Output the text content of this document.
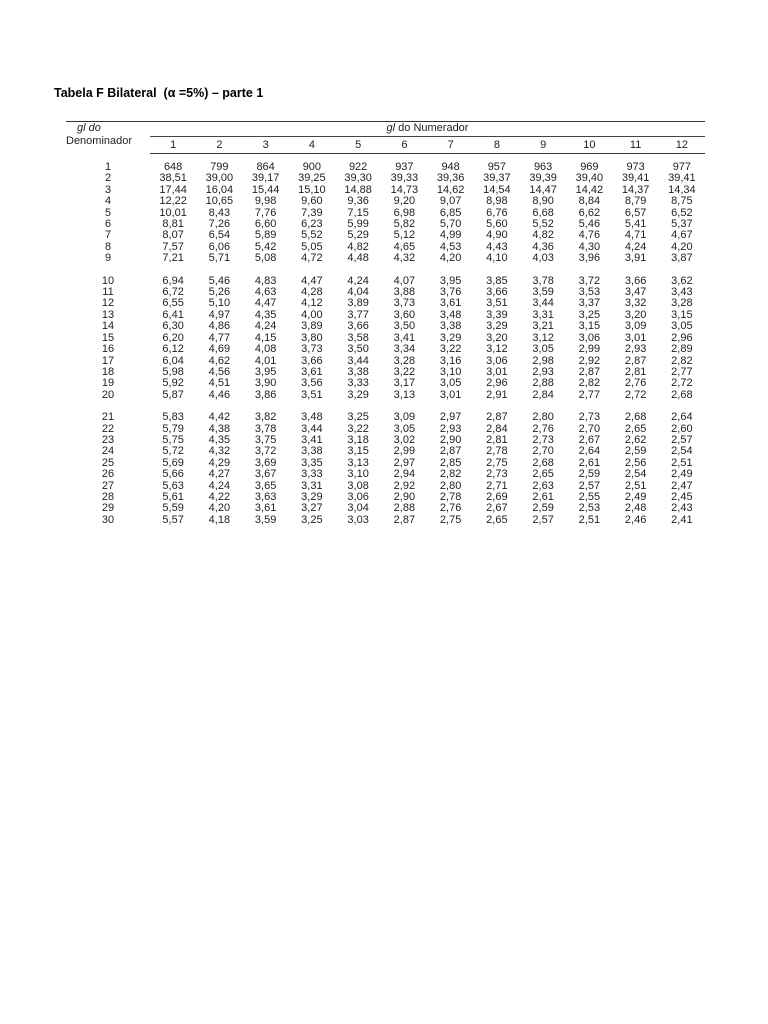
Tabela F Bilateral  (α =5%) – parte 1
gl do
Denominador	gl do Numerador											
	1	2	3	4	5	6	7	8	9	10	11	12

1	648	799	864	900	922	937	948	957	963	969	973	977
2	38,51	39,00	39,17	39,25	39,30	39,33	39,36	39,37	39,39	39,40	39,41	39,41
3	17,44	16,04	15,44	15,10	14,88	14,73	14,62	14,54	14,47	14,42	14,37	14,34
4	12,22	10,65	9,98	9,60	9,36	9,20	9,07	8,98	8,90	8,84	8,79	8,75
5	10,01	8,43	7,76	7,39	7,15	6,98	6,85	6,76	6,68	6,62	6,57	6,52
6	8,81	7,26	6,60	6,23	5,99	5,82	5,70	5,60	5,52	5,46	5,41	5,37
7	8,07	6,54	5,89	5,52	5,29	5,12	4,99	4,90	4,82	4,76	4,71	4,67
8	7,57	6,06	5,42	5,05	4,82	4,65	4,53	4,43	4,36	4,30	4,24	4,20
9	7,21	5,71	5,08	4,72	4,48	4,32	4,20	4,10	4,03	3,96	3,91	3,87

10	6,94	5,46	4,83	4,47	4,24	4,07	3,95	3,85	3,78	3,72	3,66	3,62
11	6,72	5,26	4,63	4,28	4,04	3,88	3,76	3,66	3,59	3,53	3,47	3,43
12	6,55	5,10	4,47	4,12	3,89	3,73	3,61	3,51	3,44	3,37	3,32	3,28
13	6,41	4,97	4,35	4,00	3,77	3,60	3,48	3,39	3,31	3,25	3,20	3,15
14	6,30	4,86	4,24	3,89	3,66	3,50	3,38	3,29	3,21	3,15	3,09	3,05
15	6,20	4,77	4,15	3,80	3,58	3,41	3,29	3,20	3,12	3,06	3,01	2,96
16	6,12	4,69	4,08	3,73	3,50	3,34	3,22	3,12	3,05	2,99	2,93	2,89
17	6,04	4,62	4,01	3,66	3,44	3,28	3,16	3,06	2,98	2,92	2,87	2,82
18	5,98	4,56	3,95	3,61	3,38	3,22	3,10	3,01	2,93	2,87	2,81	2,77
19	5,92	4,51	3,90	3,56	3,33	3,17	3,05	2,96	2,88	2,82	2,76	2,72
20	5,87	4,46	3,86	3,51	3,29	3,13	3,01	2,91	2,84	2,77	2,72	2,68

21	5,83	4,42	3,82	3,48	3,25	3,09	2,97	2,87	2,80	2,73	2,68	2,64
22	5,79	4,38	3,78	3,44	3,22	3,05	2,93	2,84	2,76	2,70	2,65	2,60
23	5,75	4,35	3,75	3,41	3,18	3,02	2,90	2,81	2,73	2,67	2,62	2,57
24	5,72	4,32	3,72	3,38	3,15	2,99	2,87	2,78	2,70	2,64	2,59	2,54
25	5,69	4,29	3,69	3,35	3,13	2,97	2,85	2,75	2,68	2,61	2,56	2,51
26	5,66	4,27	3,67	3,33	3,10	2,94	2,82	2,73	2,65	2,59	2,54	2,49
27	5,63	4,24	3,65	3,31	3,08	2,92	2,80	2,71	2,63	2,57	2,51	2,47
28	5,61	4,22	3,63	3,29	3,06	2,90	2,78	2,69	2,61	2,55	2,49	2,45
29	5,59	4,20	3,61	3,27	3,04	2,88	2,76	2,67	2,59	2,53	2,48	2,43
30	5,57	4,18	3,59	3,25	3,03	2,87	2,75	2,65	2,57	2,51	2,46	2,41
